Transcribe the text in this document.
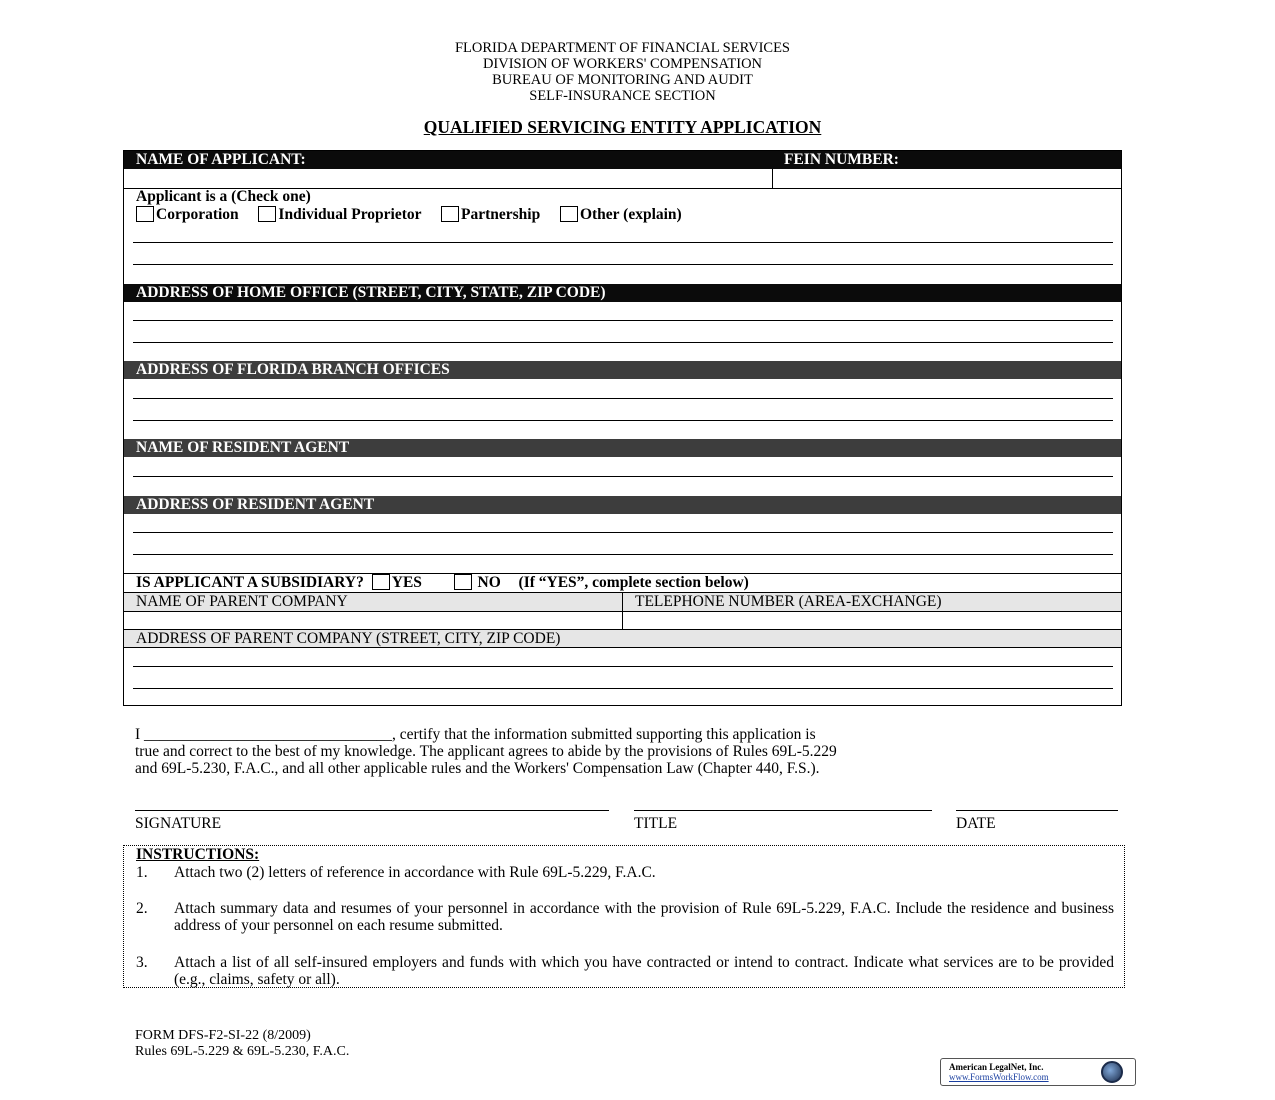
FLORIDA DEPARTMENT OF FINANCIAL SERVICES
DIVISION OF WORKERS' COMPENSATION
BUREAU OF MONITORING AND AUDIT
SELF-INSURANCE SECTION
QUALIFIED SERVICING ENTITY APPLICATION
NAME OF APPLICANT:	FEIN NUMBER:
Applicant is a (Check one)
Corporation	Individual Proprietor	Partnership	Other (explain)
ADDRESS OF HOME OFFICE (STREET, CITY, STATE, ZIP CODE)
ADDRESS OF FLORIDA BRANCH OFFICES
NAME OF RESIDENT AGENT
ADDRESS OF RESIDENT AGENT
IS APPLICANT A SUBSIDIARY? YES	NO (If “YES”, complete section below)
NAME OF PARENT COMPANY	TELEPHONE NUMBER (AREA-EXCHANGE)
ADDRESS OF PARENT COMPANY (STREET, CITY, ZIP CODE)
I ________________________________, certify that the information submitted supporting this application is
true and correct to the best of my knowledge. The applicant agrees to abide by the provisions of Rules 69L-5.229
and 69L-5.230, F.A.C., and all other applicable rules and the Workers' Compensation Law (Chapter 440, F.S.).
SIGNATURE	TITLE	DATE
INSTRUCTIONS:
1. Attach two (2) letters of reference in accordance with Rule 69L-5.229, F.A.C.
2. Attach summary data and resumes of your personnel in accordance with the provision of Rule 69L-5.229, F.A.C. Include the residence and business address of your personnel on each resume submitted.
3. Attach a list of all self-insured employers and funds with which you have contracted or intend to contract. Indicate what services are to be provided (e.g., claims, safety or all).
FORM DFS-F2-SI-22 (8/2009)
Rules 69L-5.229 & 69L-5.230, F.A.C.
American LegalNet, Inc.
www.FormsWorkFlow.com
